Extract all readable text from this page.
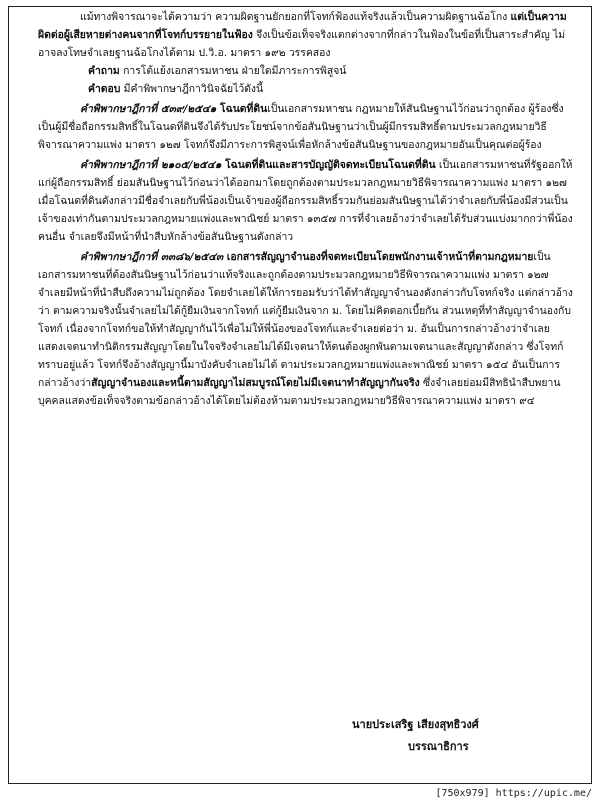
แม้ทางพิจารณาจะได้ความว่า ความผิดฐานยักยอกที่โจทก์ฟ้องแท้จริงแล้วเป็นความผิดฐานฉ้อโกง แต่เป็นความผิดต่อผู้เสียหายต่างคนจากที่โจทก์บรรยายในฟ้อง จึงเป็นข้อเท็จจริงแตกต่างจากที่กล่าวในฟ้องในข้อที่เป็นสาระสำคัญ ไม่อาจลงโทษจำเลยฐานฉ้อโกงได้ตาม ป.วิ.อ. มาตรา ๑๙๒ วรรคสอง

คำถาม การโต้แย้งเอกสารมหาชน ฝ่ายใดมีภาระการพิสูจน์

คำตอบ มีคำพิพากษาฎีกาวินิจฉัยไว้ดังนี้

คำพิพากษาฎีกาที่ ๕๓๙/๒๕๔๑ โฉนดที่ดินเป็นเอกสารมหาชน กฎหมายให้สันนิษฐานไว้ก่อนว่าถูกต้อง ผู้ร้องซึ่งเป็นผู้มีชื่อถือกรรมสิทธิ์ในโฉนดที่ดินจึงได้รับประโยชน์จากข้อสันนิษฐานว่าเป็นผู้มีกรรมสิทธิ์ตามประมวลกฎหมายวิธีพิจารณาความแพ่ง มาตรา ๑๒๗ โจทก์จึงมีภาระการพิสูจน์เพื่อหักล้างข้อสันนิษฐานของกฎหมายอันเป็นคุณต่อผู้ร้อง

คำพิพากษาฎีกาที่ ๒๑๐๕/๒๕๔๑ โฉนดที่ดินและสารบัญญัติจดทะเบียนโฉนดที่ดิน เป็นเอกสารมหาชนที่รัฐออกให้แก่ผู้ถือกรรมสิทธิ์ ย่อมสันนิษฐานไว้ก่อนว่าได้ออกมาโดยถูกต้องตามประมวลกฎหมายวิธีพิจารณาความแพ่ง มาตรา ๑๒๗ เมื่อโฉนดที่ดินดังกล่าวมีชื่อจำเลยกับพี่น้องเป็นเจ้าของผู้ถือกรรมสิทธิ์รวมกันย่อมสันนิษฐานได้ว่าจำเลยกับพี่น้องมีส่วนเป็นเจ้าของเท่ากันตามประมวลกฎหมายแพ่งและพาณิชย์ มาตรา ๑๓๕๗ การที่จำเลยอ้างว่าจำเลยได้รับส่วนแบ่งมากกว่าพี่น้องคนอื่น จำเลยจึงมีหน้าที่นำสืบหักล้างข้อสันนิษฐานดังกล่าว

คำพิพากษาฎีกาที่ ๓๓๘๖/๒๕๔๓ เอกสารสัญญาจำนองที่จดทะเบียนโดยพนักงานเจ้าหน้าที่ตามกฎหมายเป็นเอกสารมหาชนที่ต้องสันนิษฐานไว้ก่อนว่าแท้จริงและถูกต้องตามประมวลกฎหมายวิธีพิจารณาความแพ่ง มาตรา ๑๒๗ จำเลยมีหน้าที่นำสืบถึงความไม่ถูกต้อง โดยจำเลยได้ให้การยอมรับว่าได้ทำสัญญาจำนองดังกล่าวกับโจทก์จริง แต่กล่าวอ้างว่า ตามความจริงนั้นจำเลยไม่ได้กู้ยืมเงินจากโจทก์ แต่กู้ยืมเงินจาก ม. โดยไม่คิดดอกเบี้ยกัน ส่วนเหตุที่ทำสัญญาจำนองกับโจทก์ เนื่องจากโจทก์ขอให้ทำสัญญากันไว้เพื่อไม่ให้พี่น้องของโจทก์และจำเลยต่อว่า ม. อันเป็นการกล่าวอ้างว่าจำเลยแสดงเจตนาทำนิติกรรมสัญญาโดยในใจจริงจำเลยไม่ได้มีเจตนาให้ตนต้องผูกพันตามเจตนาและสัญญาดังกล่าว ซึ่งโจทก์ทราบอยู่แล้ว โจทก์จึงอ้างสัญญานี้มาบังคับจำเลยไม่ได้ ตามประมวลกฎหมายแพ่งและพาณิชย์ มาตรา ๑๕๔ อันเป็นการกล่าวอ้างว่าสัญญาจำนองและหนี้ตามสัญญาไม่สมบูรณ์โดยไม่มีเจตนาทำสัญญากันจริง ซึ่งจำเลยย่อมมีสิทธินำสืบพยานบุคคลแสดงข้อเท็จจริงตามข้อกล่าวอ้างได้โดยไม่ต้องห้ามตามประมวลกฎหมายวิธีพิจารณาความแพ่ง มาตรา ๙๔

นายประเสริฐ เสียงสุทธิวงศ์
บรรณาธิการ
[750x979] https://upic.me/
